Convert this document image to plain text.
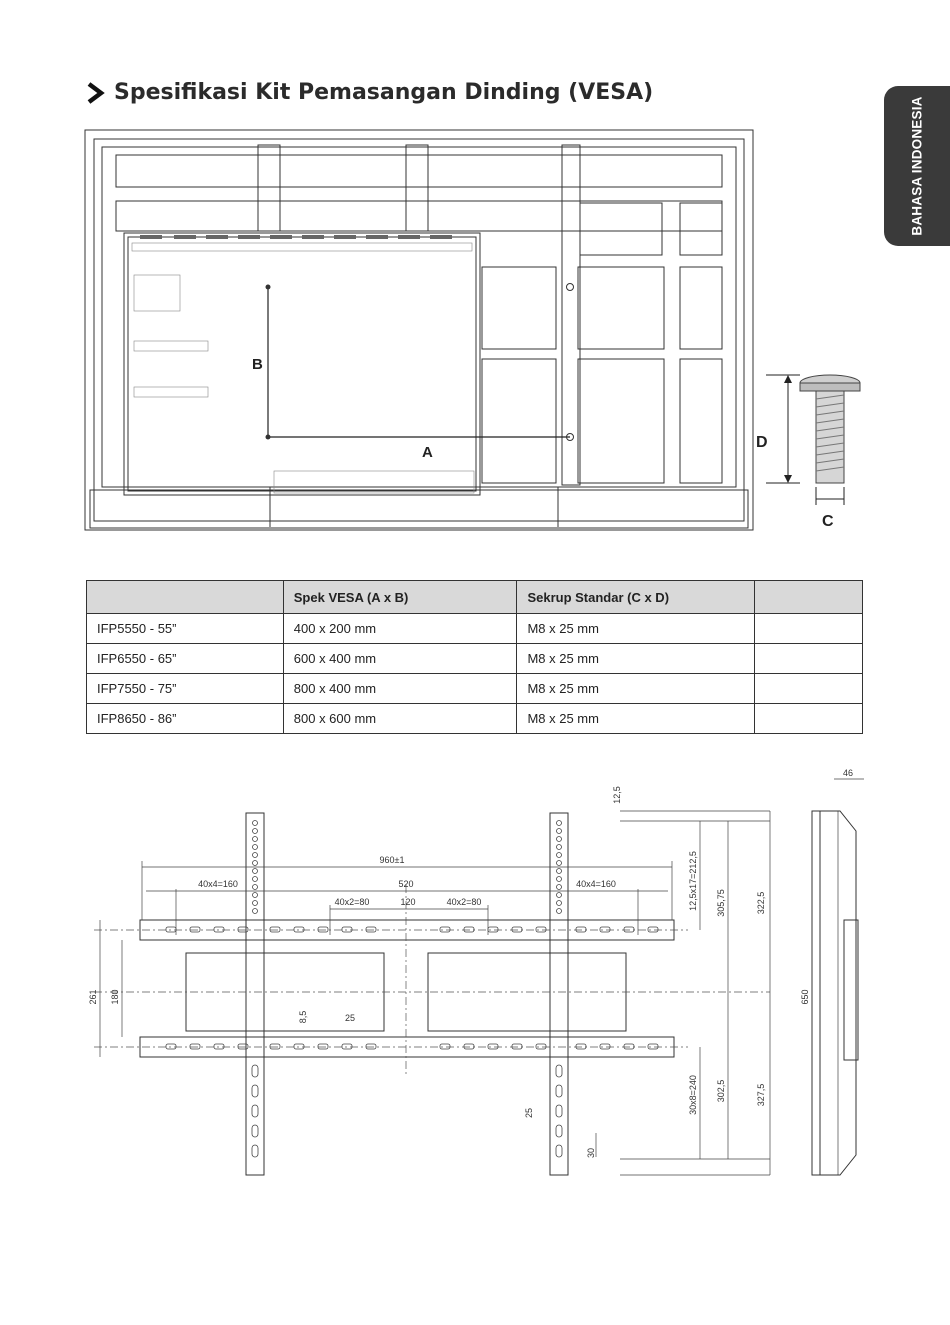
Spesifikasi Kit Pemasangan Dinding (VESA)
BAHASA INDONESIA
B
A
D
C
	Spek VESA (A x B)	Sekrup Standar (C x D)	
IFP5550 - 55”	400 x 200 mm	M8 x 25 mm	
IFP6550 - 65”	600 x 400 mm	M8 x 25 mm	
IFP7550 - 75”	800 x 400 mm	M8 x 25 mm	
IFP8650 - 86”	800 x 600 mm	M8 x 25 mm	
960±1
520
40x4=160	40x4=160
40x2=80	120	40x2=80
261 180
8,5	25
12,5
12,5x17=212,5 305,75	322,5
30x8=240 302,5	327,5
25
30
650
46
